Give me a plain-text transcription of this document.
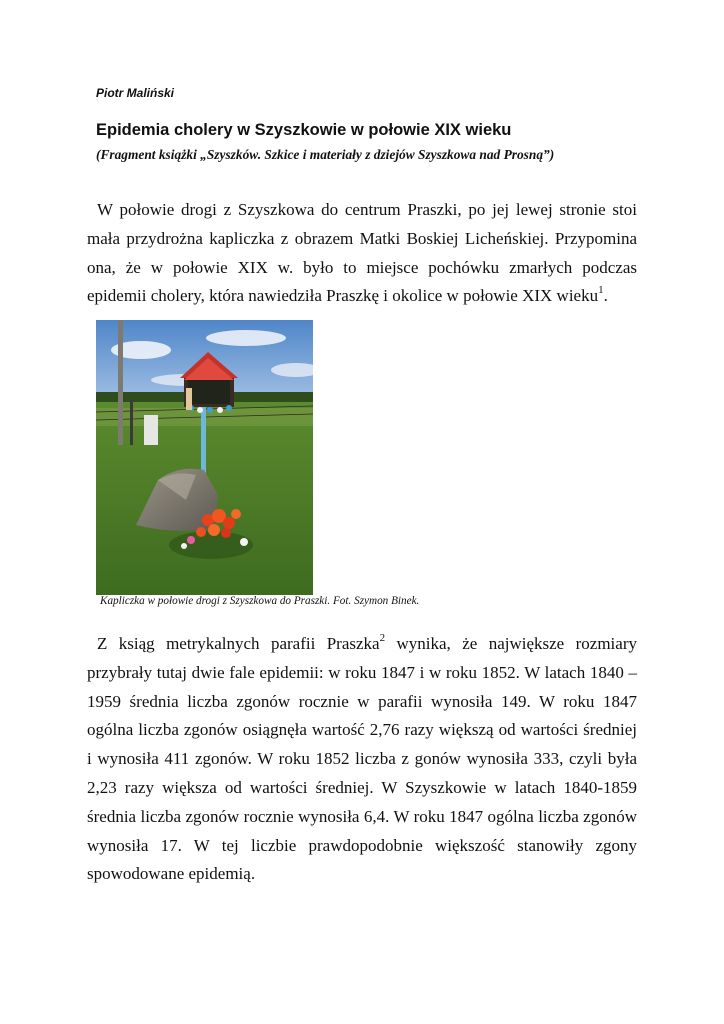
Piotr Maliński
Epidemia cholery w Szyszkowie w połowie XIX wieku
(Fragment książki „Szyszków. Szkice i materiały z dziejów Szyszkowa nad Prosną”)

W połowie drogi z Szyszkowa do centrum Praszki, po jej lewej stronie stoi mała przydrożna kapliczka z obrazem Matki Boskiej Licheńskiej. Przypomina ona, że w połowie XIX w. było to miejsce pochówku zmarłych podczas epidemii cholery, która nawiedziła Praszkę i okolice w połowie XIX wieku$^1$.

Kapliczka w połowie drogi z Szyszkowa do Praszki. Fot. Szymon Binek.

Z ksiąg metrykalnych parafii Praszka$^2$ wynika, że największe rozmiary przybrały tutaj dwie fale epidemii: w roku 1847 i w roku 1852. W latach 1840 – 1959 średnia liczba zgonów rocznie w parafii wynosiła 149. W roku 1847 ogólna liczba zgonów osiągnęła wartość 2,76 razy większą od wartości średniej i wynosiła 411 zgonów. W roku 1852 liczba z gonów wynosiła 333, czyli była 2,23 razy większa od wartości średniej. W Szyszkowie w latach 1840-1859 średnia liczba zgonów rocznie wynosiła 6,4. W roku 1847 ogólna liczba zgonów wynosiła 17. W tej liczbie prawdopodobnie większość stanowiły zgony spowodowane epidemią.
